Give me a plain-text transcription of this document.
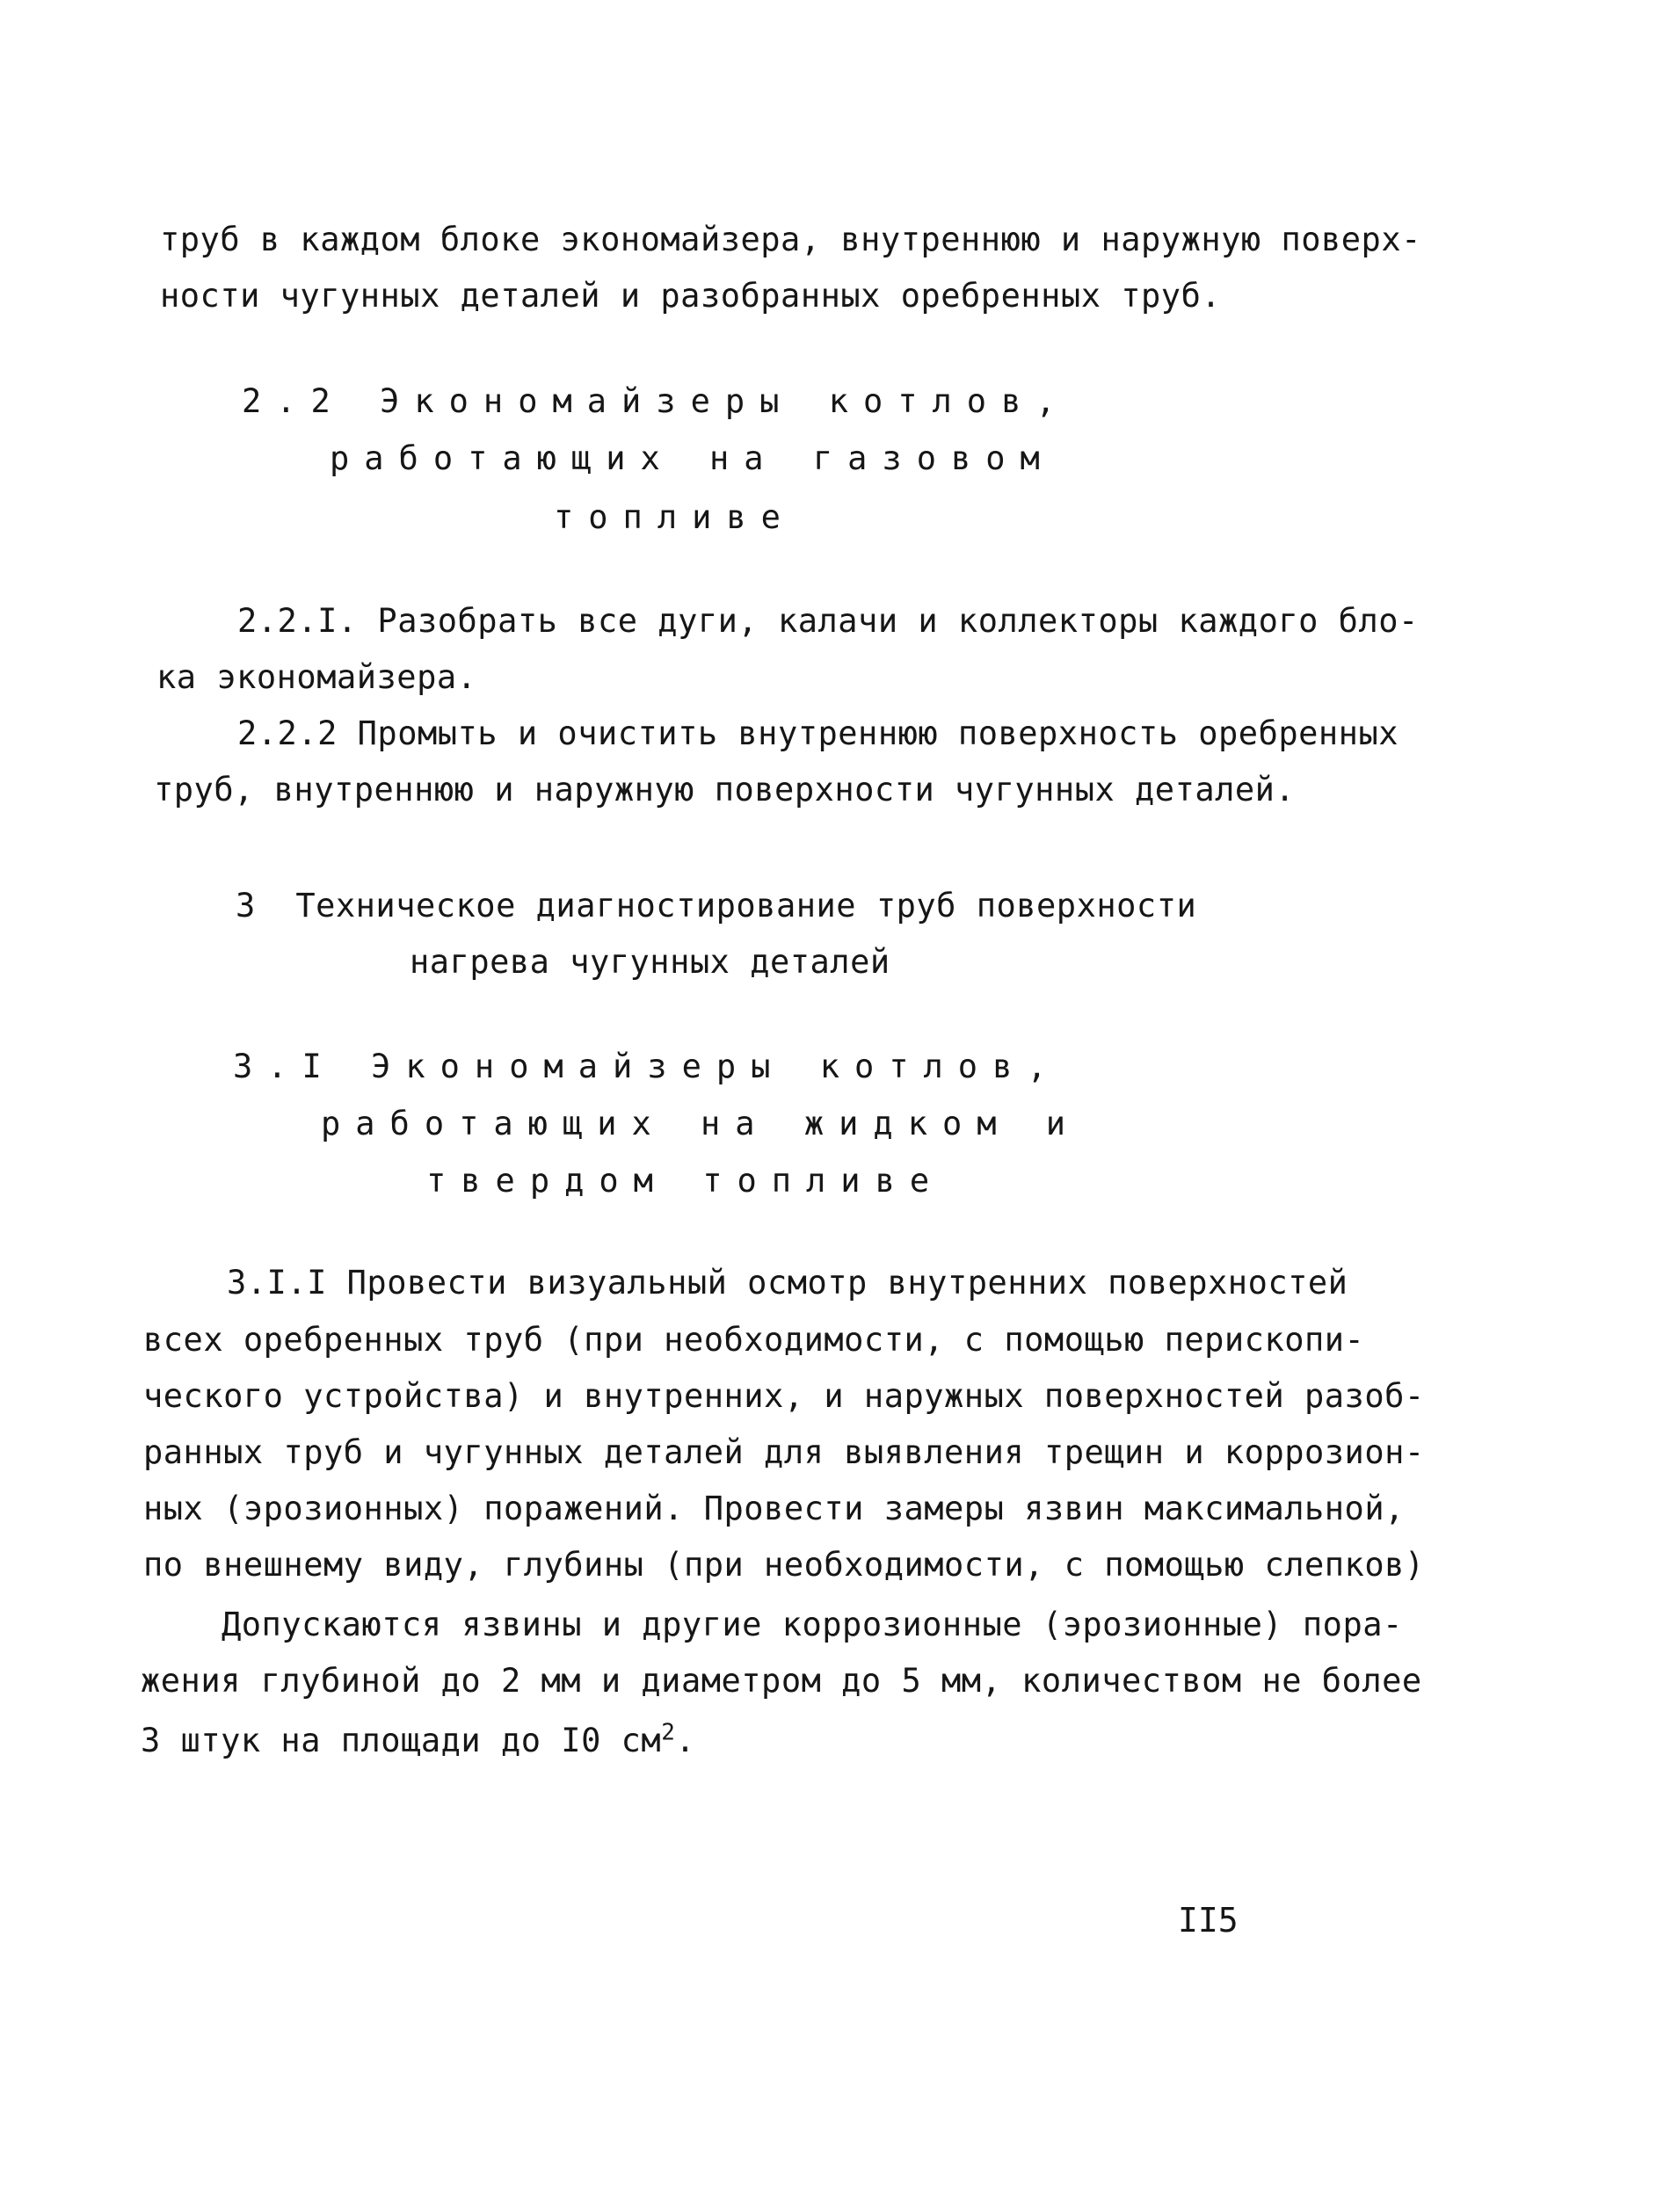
труб в каждом блоке экономайзера, внутреннюю и наружную поверх-
ности чугунных деталей и разобранных оребренных труб.
2.2 Экономайзеры котлов,
работающих на газовом
топливе
2.2.I. Разобрать все дуги, калачи и коллекторы каждого бло-
ка экономайзера.
2.2.2 Промыть и очистить внутреннюю поверхность оребренных
труб, внутреннюю и наружную поверхности чугунных деталей.
3  Техническое диагностирование труб поверхности
нагрева чугунных деталей
3.I Экономайзеры котлов,
работающих на жидком и
твердом топливе
3.I.I Провести визуальный осмотр внутренних поверхностей
всех оребренных труб (при необходимости, с помощью перископи-
ческого устройства) и внутренних, и наружных поверхностей разоб-
ранных труб и чугунных деталей для выявления трещин и коррозион-
ных (эрозионных) поражений. Провести замеры язвин максимальной,
по внешнему виду, глубины (при необходимости, с помощью слепков)
Допускаются язвины и другие коррозионные (эрозионные) пора-
жения глубиной до 2 мм и диаметром до 5 мм, количеством не более
3 штук на площади до I0 $см^2$.
II5
